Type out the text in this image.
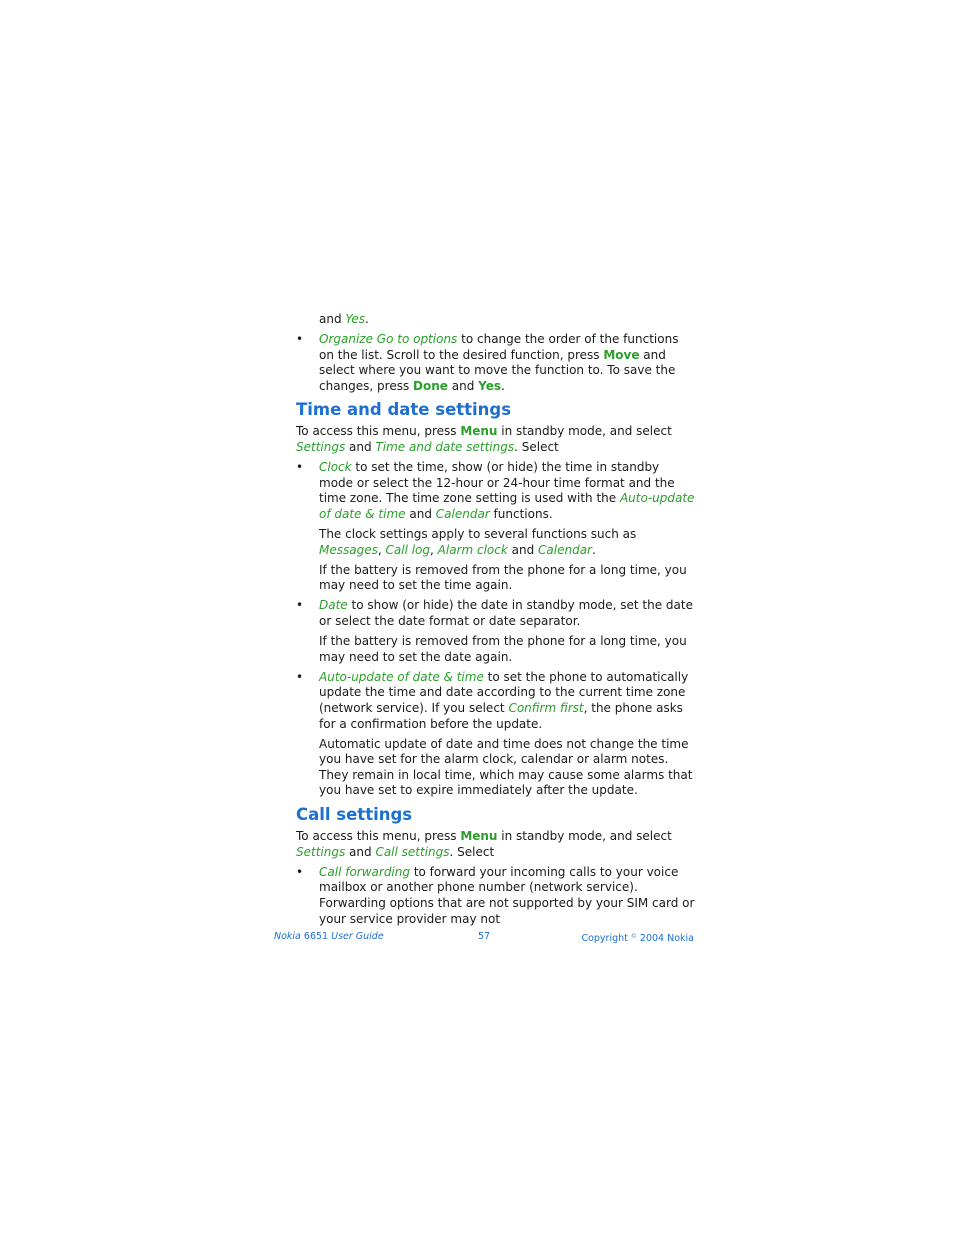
and Yes.

• Organize Go to options to change the order of the functions on the list. Scroll to the desired function, press Move and select where you want to move the function to. To save the changes, press Done and Yes.

Time and date settings

To access this menu, press Menu in standby mode, and select Settings and Time and date settings. Select

• Clock to set the time, show (or hide) the time in standby mode or select the 12-hour or 24-hour time format and the time zone. The time zone setting is used with the Auto-update of date & time and Calendar functions.

The clock settings apply to several functions such as Messages, Call log, Alarm clock and Calendar.

If the battery is removed from the phone for a long time, you may need to set the time again.

• Date to show (or hide) the date in standby mode, set the date or select the date format or date separator.

If the battery is removed from the phone for a long time, you may need to set the date again.

• Auto-update of date & time to set the phone to automatically update the time and date according to the current time zone (network service). If you select Confirm first, the phone asks for a confirmation before the update.

Automatic update of date and time does not change the time you have set for the alarm clock, calendar or alarm notes. They remain in local time, which may cause some alarms that you have set to expire immediately after the update.

Call settings

To access this menu, press Menu in standby mode, and select Settings and Call settings. Select

• Call forwarding to forward your incoming calls to your voice mailbox or another phone number (network service). Forwarding options that are not supported by your SIM card or your service provider may not

Nokia 6651 User Guide	57	Copyright © 2004 Nokia
